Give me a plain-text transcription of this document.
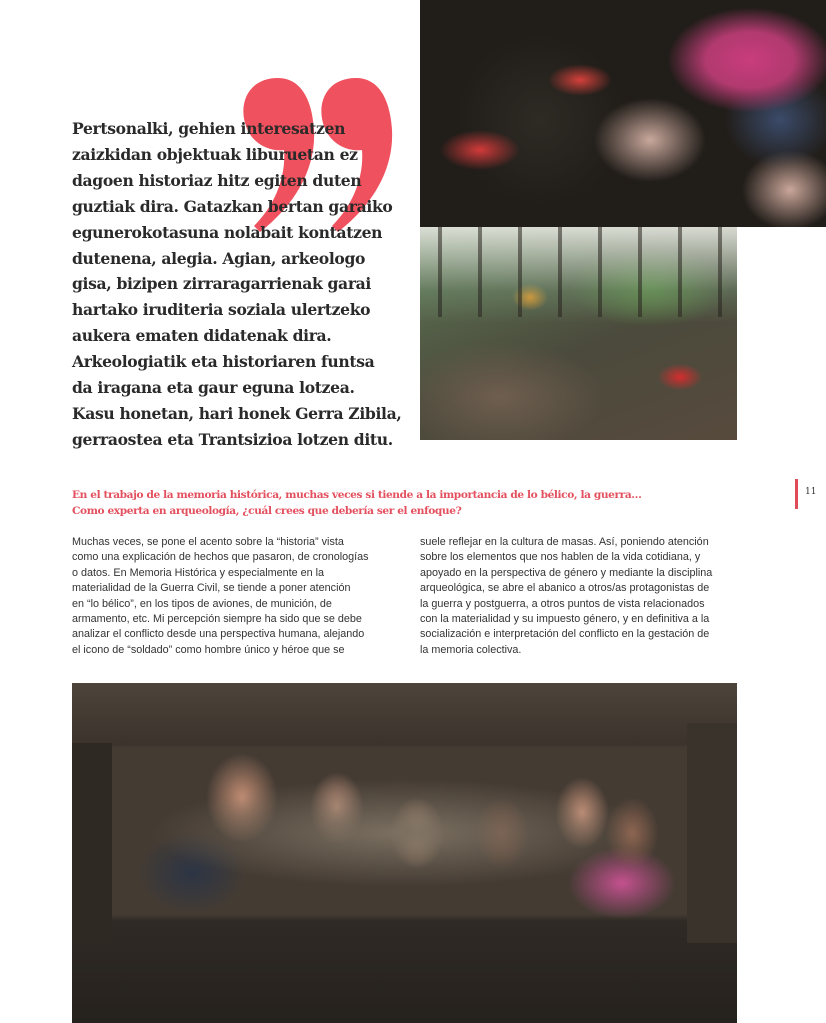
Pertsonalki, gehien interesatzen
zaizkidan objektuak liburuetan ez
dagoen historiaz hitz egiten duten
guztiak dira. Gatazkan bertan garaiko
egunerokotasuna nolabait kontatzen
dutenena, alegia. Agian, arkeologo
gisa, bizipen zirraragarrienak garai
hartako iruditeria soziala ulertzeko
aukera ematen didatenak dira.
Arkeologiatik eta historiaren funtsa
da iragana eta gaur eguna lotzea.
Kasu honetan, hari honek Gerra Zibila,
gerraostea eta Trantsizioa lotzen ditu.
En el trabajo de la memoria histórica, muchas veces si tiende a la importancia de lo bélico, la guerra…
Como experta en arqueología, ¿cuál crees que debería ser el enfoque?
11
Muchas veces, se pone el acento sobre la “historia” vista
como una explicación de hechos que pasaron, de cronologías
o datos. En Memoria Histórica y especialmente en la
materialidad de la Guerra Civil, se tiende a poner atención
en “lo bélico”, en los tipos de aviones, de munición, de
armamento, etc. Mi percepción siempre ha sido que se debe
analizar el conflicto desde una perspectiva humana, alejando
el icono de “soldado” como hombre único y héroe que se
suele reflejar en la cultura de masas. Así, poniendo atención
sobre los elementos que nos hablen de la vida cotidiana, y
apoyado en la perspectiva de género y mediante la disciplina
arqueológica, se abre el abanico a otros/as protagonistas de
la guerra y postguerra, a otros puntos de vista relacionados
con la materialidad y su impuesto género, y en definitiva a la
socialización e interpretación del conflicto en la gestación de
la memoria colectiva.
